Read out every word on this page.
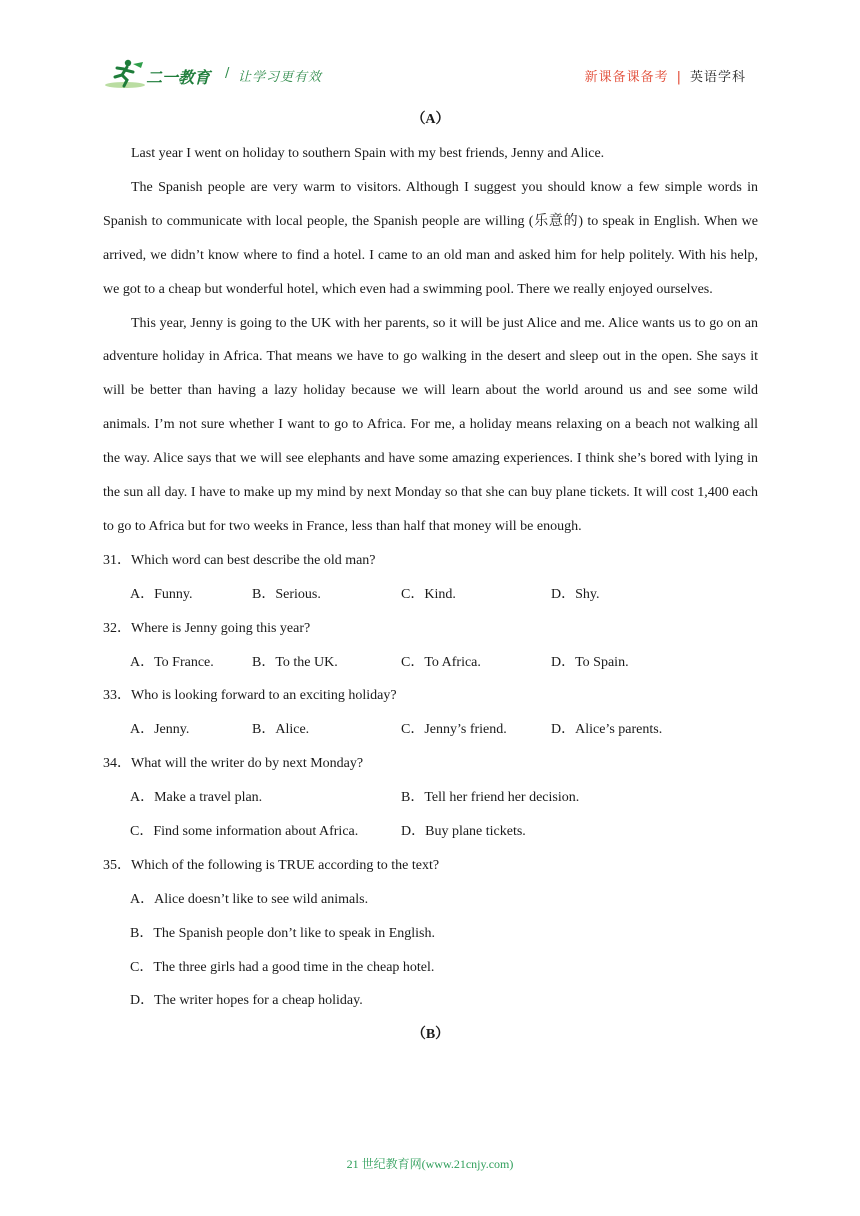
二一教育 / 让学习更有效	新课备课备考 | 英语学科
（A）

Last year I went on holiday to southern Spain with my best friends, Jenny and Alice.

The Spanish people are very warm to visitors. Although I suggest you should know a few simple words in Spanish to communicate with local people, the Spanish people are willing (乐意的) to speak in English. When we arrived, we didn’t know where to find a hotel. I came to an old man and asked him for help politely. With his help, we got to a cheap but wonderful hotel, which even had a swimming pool. There we really enjoyed ourselves.

This year, Jenny is going to the UK with her parents, so it will be just Alice and me. Alice wants us to go on an adventure holiday in Africa. That means we have to go walking in the desert and sleep out in the open. She says it will be better than having a lazy holiday because we will learn about the world around us and see some wild animals. I’m not sure whether I want to go to Africa. For me, a holiday means relaxing on a beach not walking all the way. Alice says that we will see elephants and have some amazing experiences. I think she’s bored with lying in the sun all day. I have to make up my mind by next Monday so that she can buy plane tickets. It will cost 1,400 each to go to Africa but for two weeks in France, less than half that money will be enough.

31．Which word can best describe the old man?
A．Funny.	B．Serious.	C．Kind.	D．Shy.
32．Where is Jenny going this year?
A．To France.	B．To the UK.	C．To Africa.	D．To Spain.
33．Who is looking forward to an exciting holiday?
A．Jenny.	B．Alice.	C．Jenny’s friend.	D．Alice’s parents.
34．What will the writer do by next Monday?
A．Make a travel plan.	B．Tell her friend her decision.
C．Find some information about Africa.	D．Buy plane tickets.
35．Which of the following is TRUE according to the text?
A．Alice doesn’t like to see wild animals.
B．The Spanish people don’t like to speak in English.
C．The three girls had a good time in the cheap hotel.
D．The writer hopes for a cheap holiday.
（B）
21 世纪教育网(www.21cnjy.com)
